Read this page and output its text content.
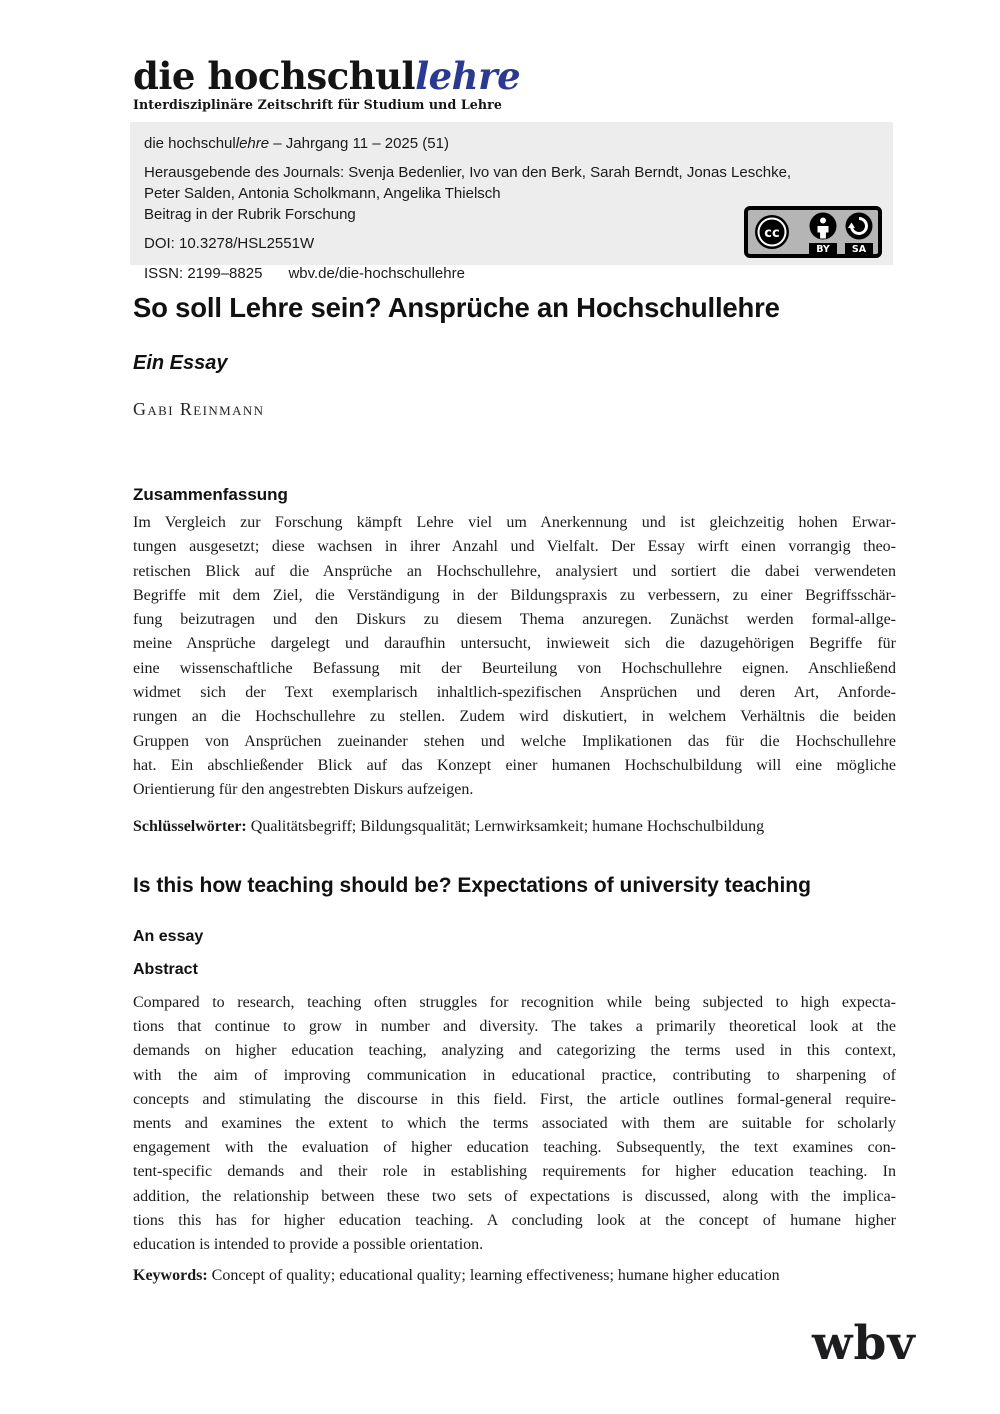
die hochschullehre
Interdisziplinäre Zeitschrift für Studium und Lehre
die hochschullehre – Jahrgang 11 – 2025 (51)
Herausgebende des Journals: Svenja Bedenlier, Ivo van den Berk, Sarah Berndt, Jonas Leschke,
Peter Salden, Antonia Scholkmann, Angelika Thielsch
Beitrag in der Rubrik Forschung
DOI: 10.3278/HSL2551W
ISSN: 2199–8825 wbv.de/die-hochschullehre
cc
BY SA
So soll Lehre sein? Ansprüche an Hochschullehre
Ein Essay
Gabi Reinmann
Zusammenfassung
Im Vergleich zur Forschung kämpft Lehre viel um Anerkennung und ist gleichzeitig hohen Erwar-
tungen ausgesetzt; diese wachsen in ihrer Anzahl und Vielfalt. Der Essay wirft einen vorrangig theo-
retischen Blick auf die Ansprüche an Hochschullehre, analysiert und sortiert die dabei verwendeten
Begriffe mit dem Ziel, die Verständigung in der Bildungspraxis zu verbessern, zu einer Begriffsschär-
fung beizutragen und den Diskurs zu diesem Thema anzuregen. Zunächst werden formal-allge-
meine Ansprüche dargelegt und daraufhin untersucht, inwieweit sich die dazugehörigen Begriffe für
eine wissenschaftliche Befassung mit der Beurteilung von Hochschullehre eignen. Anschließend
widmet sich der Text exemplarisch inhaltlich-spezifischen Ansprüchen und deren Art, Anforde-
rungen an die Hochschullehre zu stellen. Zudem wird diskutiert, in welchem Verhältnis die beiden
Gruppen von Ansprüchen zueinander stehen und welche Implikationen das für die Hochschullehre
hat. Ein abschließender Blick auf das Konzept einer humanen Hochschulbildung will eine mögliche
Orientierung für den angestrebten Diskurs aufzeigen.
Schlüsselwörter: Qualitätsbegriff; Bildungsqualität; Lernwirksamkeit; humane Hochschulbildung
Is this how teaching should be? Expectations of university teaching
An essay
Abstract
Compared to research, teaching often struggles for recognition while being subjected to high expecta-
tions that continue to grow in number and diversity. The takes a primarily theoretical look at the
demands on higher education teaching, analyzing and categorizing the terms used in this context,
with the aim of improving communication in educational practice, contributing to sharpening of
concepts and stimulating the discourse in this field. First, the article outlines formal-general require-
ments and examines the extent to which the terms associated with them are suitable for scholarly
engagement with the evaluation of higher education teaching. Subsequently, the text examines con-
tent-specific demands and their role in establishing requirements for higher education teaching. In
addition, the relationship between these two sets of expectations is discussed, along with the implica-
tions this has for higher education teaching. A concluding look at the concept of humane higher
education is intended to provide a possible orientation.
Keywords: Concept of quality; educational quality; learning effectiveness; humane higher education
wbv
